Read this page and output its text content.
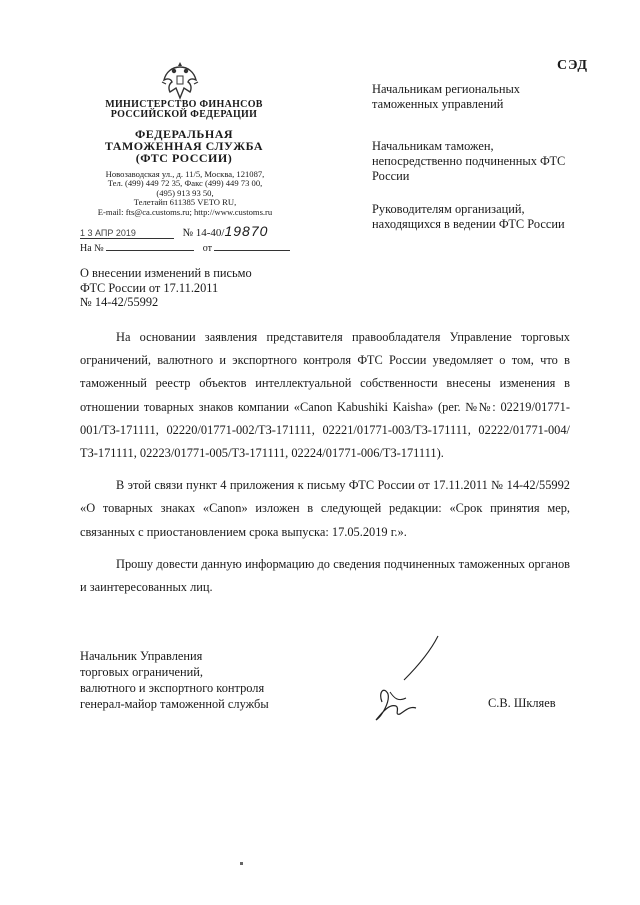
СЭД
МИНИСТЕРСТВО ФИНАНСОВ
РОССИЙСКОЙ ФЕДЕРАЦИИ
ФЕДЕРАЛЬНАЯ
ТАМОЖЕННАЯ СЛУЖБА
(ФТС РОССИИ)
Новозаводская ул., д. 11/5, Москва, 121087,
Тел. (499) 449 72 35, Факс (499) 449 73 00,
(495) 913 93 50,
Телетайп 611385 VETO RU,
E-mail: fts@ca.customs.ru; http://www.customs.ru
1 3 АПР 2019	№ 14-40/19870
На №	от
Начальникам региональных таможенных управлений
Начальникам таможен, непосредственно подчиненных ФТС России
Руководителям организаций, находящихся в ведении ФТС России
О внесении изменений в письмо
ФТС России от 17.11.2011
№ 14-42/55992

На основании заявления представителя правообладателя Управление торговых ограничений, валютного и экспортного контроля ФТС России уведомляет о том, что в таможенный реестр объектов интеллектуальной собственности внесены изменения в отношении товарных знаков компании «Canon Kabushiki Kaisha» (рег. №№: 02219/01771-001/ТЗ-171111, 02220/01771-002/ТЗ-171111, 02221/01771-003/ТЗ-171111, 02222/01771-004/ТЗ-171111, 02223/01771-005/ТЗ-171111, 02224/01771-006/ТЗ-171111).

В этой связи пункт 4 приложения к письму ФТС России от 17.11.2011 № 14-42/55992 «О товарных знаках «Canon» изложен в следующей редакции: «Срок принятия мер, связанных с приостановлением срока выпуска: 17.05.2019 г.».

Прошу довести данную информацию до сведения подчиненных таможенных органов и заинтересованных лиц.

Начальник Управления
торговых ограничений,
валютного и экспортного контроля
генерал-майор таможенной службы	С.В. Шкляев
